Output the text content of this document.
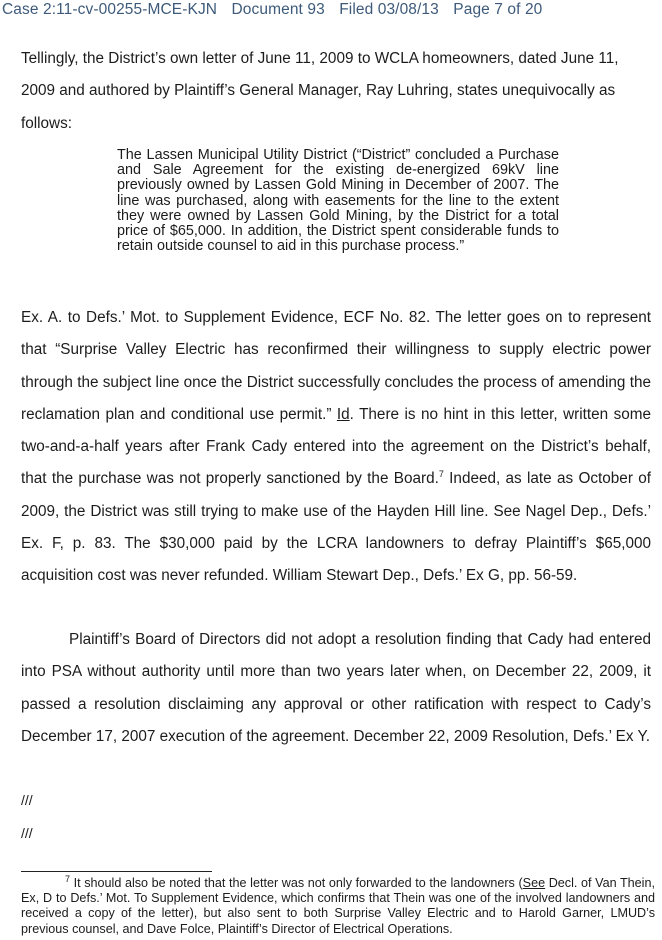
Case 2:11-cv-00255-MCE-KJN Document 93 Filed 03/08/13 Page 7 of 20

Tellingly, the District’s own letter of June 11, 2009 to WCLA homeowners, dated June 11, 2009 and authored by Plaintiff’s General Manager, Ray Luhring, states unequivocally as follows:

The Lassen Municipal Utility District (“District” concluded a Purchase and Sale Agreement for the existing de-energized 69kV line previously owned by Lassen Gold Mining in December of 2007. The line was purchased, along with easements for the line to the extent they were owned by Lassen Gold Mining, by the District for a total price of $65,000. In addition, the District spent considerable funds to retain outside counsel to aid in this purchase process.”

Ex. A. to Defs.’ Mot. to Supplement Evidence, ECF No. 82. The letter goes on to represent that “Surprise Valley Electric has reconfirmed their willingness to supply electric power through the subject line once the District successfully concludes the process of amending the reclamation plan and conditional use permit.” Id. There is no hint in this letter, written some two-and-a-half years after Frank Cady entered into the agreement on the District’s behalf, that the purchase was not properly sanctioned by the Board.$^7$ Indeed, as late as October of 2009, the District was still trying to make use of the Hayden Hill line. See Nagel Dep., Defs.’ Ex. F, p. 83. The $30,000 paid by the LCRA landowners to defray Plaintiff’s $65,000 acquisition cost was never refunded. William Stewart Dep., Defs.’ Ex G, pp. 56-59.

Plaintiff’s Board of Directors did not adopt a resolution finding that Cady had entered into PSA without authority until more than two years later when, on December 22, 2009, it passed a resolution disclaiming any approval or other ratification with respect to Cady’s December 17, 2007 execution of the agreement. December 22, 2009 Resolution, Defs.’ Ex Y.

///
///

$^7$ It should also be noted that the letter was not only forwarded to the landowners (See Decl. of Van Thein, Ex, D to Defs.’ Mot. To Supplement Evidence, which confirms that Thein was one of the involved landowners and received a copy of the letter), but also sent to both Surprise Valley Electric and to Harold Garner, LMUD’s previous counsel, and Dave Folce, Plaintiff’s Director of Electrical Operations.
